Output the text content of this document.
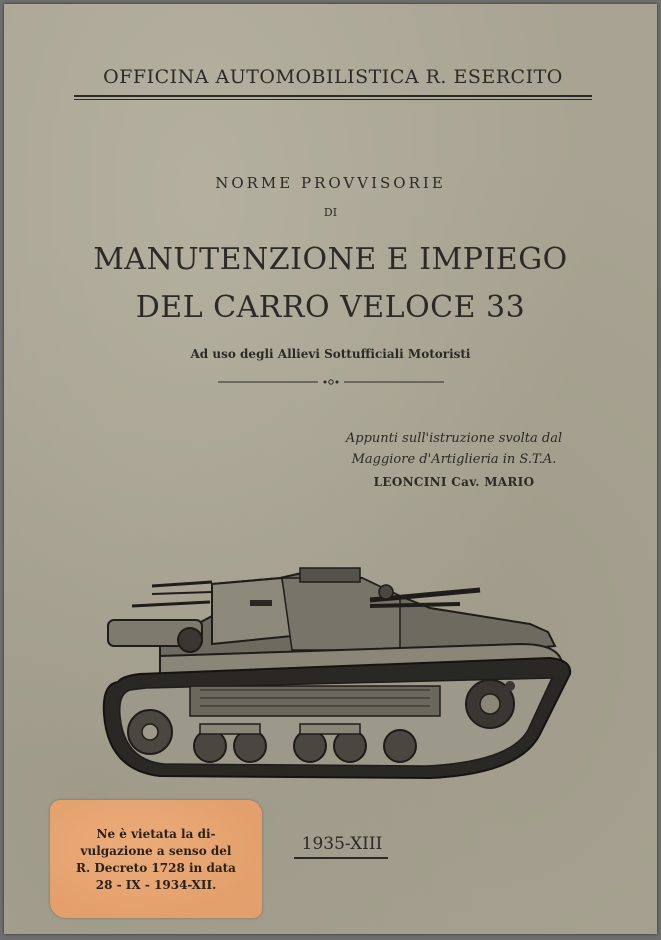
OFFICINA AUTOMOBILISTICA R. ESERCITO
NORME PROVVISORIE
DI
MANUTENZIONE E IMPIEGO
DEL CARRO VELOCE 33
Ad uso degli Allievi Sottufficiali Motoristi
Appunti sull'istruzione svolta dal
Maggiore d'Artiglieria in S.T.A.
LEONCINI Cav. MARIO
Ne è vietata la di-
vulgazione a senso del
R. Decreto 1728 in data
28 - IX - 1934-XII.
1935-XIII
